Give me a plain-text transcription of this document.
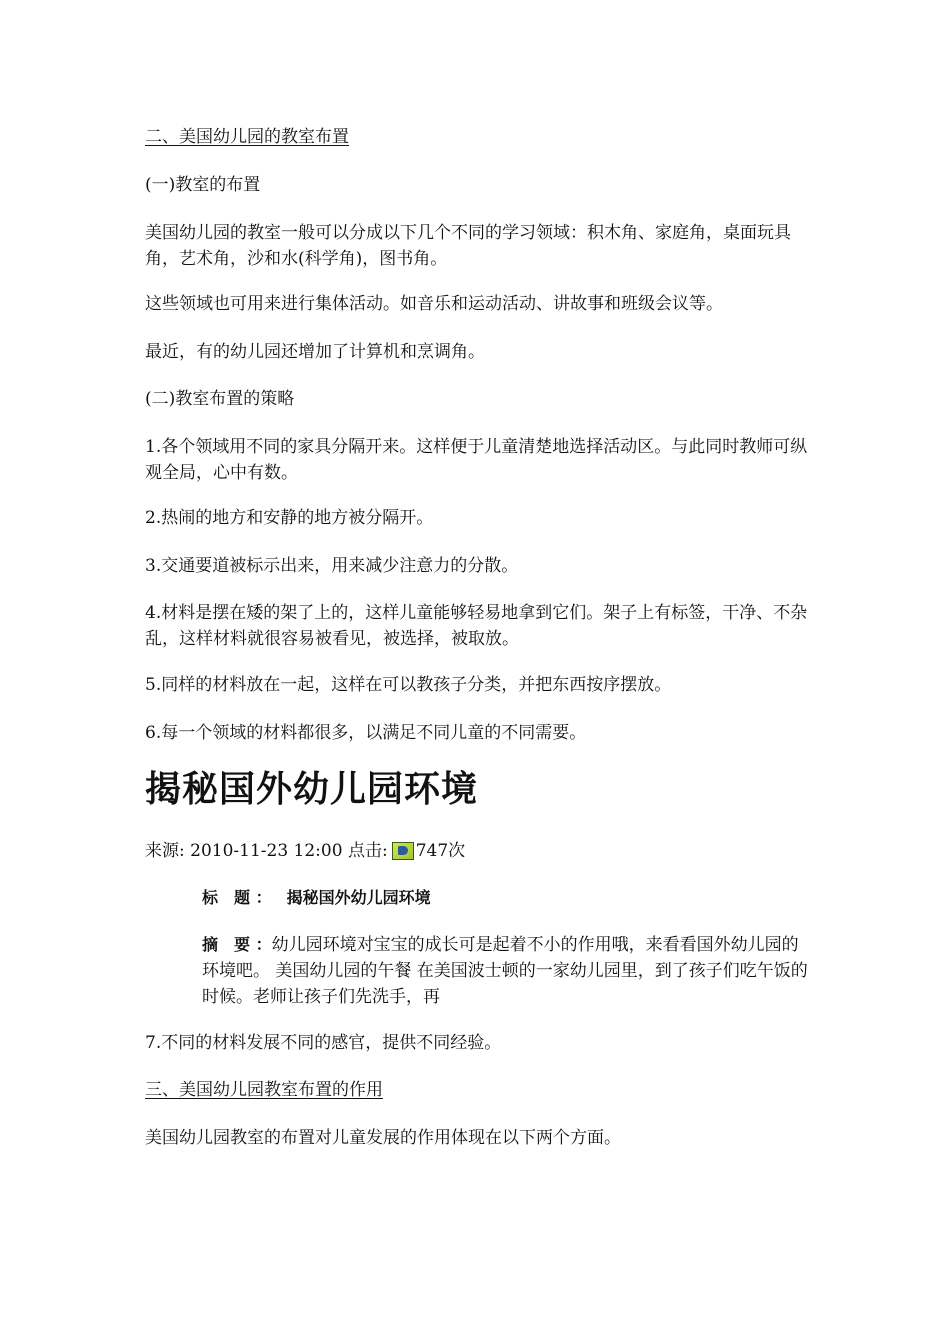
二、美国幼儿园的教室布置
(一)教室的布置
美国幼儿园的教室一般可以分成以下几个不同的学习领域：积木角、家庭角，桌面玩具角，艺术角，沙和水(科学角)，图书角。
这些领域也可用来进行集体活动。如音乐和运动活动、讲故事和班级会议等。
最近，有的幼儿园还增加了计算机和烹调角。
(二)教室布置的策略
1.各个领域用不同的家具分隔开来。这样便于儿童清楚地选择活动区。与此同时教师可纵观全局，心中有数。
2.热闹的地方和安静的地方被分隔开。
3.交通要道被标示出来，用来减少注意力的分散。
4.材料是摆在矮的架了上的，这样儿童能够轻易地拿到它们。架子上有标签，干净、不杂乱，这样材料就很容易被看见，被选择，被取放。
5.同样的材料放在一起，这样在可以教孩子分类，并把东西按序摆放。
6.每一个领域的材料都很多，以满足不同儿童的不同需要。
揭秘国外幼儿园环境
来源: 2010-11-23 12:00 点击: 747 次
标　题 ： 揭秘国外幼儿园环境
摘　要 ：幼儿园环境对宝宝的成长可是起着不小的作用哦，来看看国外幼儿园的环境吧。 美国幼儿园的午餐 在美国波士顿的一家幼儿园里，到了孩子们吃午饭的时候。老师让孩子们先洗手，再
7.不同的材料发展不同的感官，提供不同经验。
三、美国幼儿园教室布置的作用
美国幼儿园教室的布置对儿童发展的作用体现在以下两个方面。
